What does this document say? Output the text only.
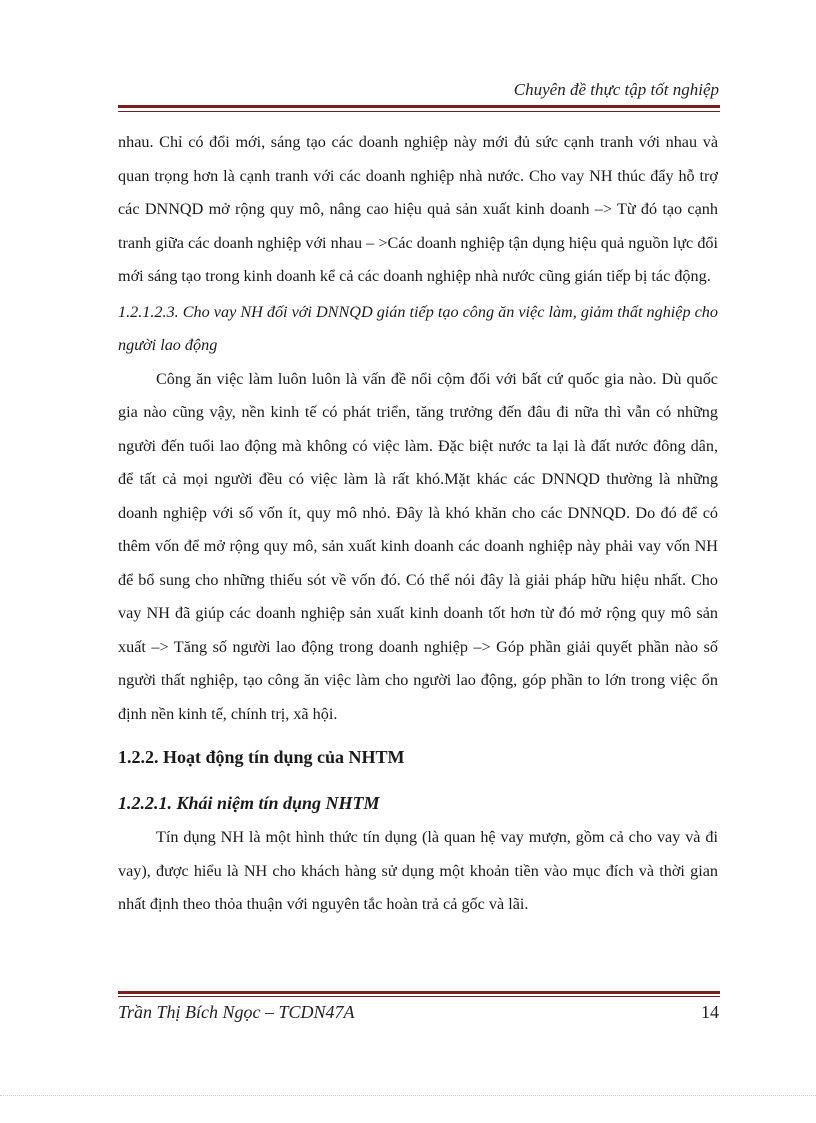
Chuyên đề thực tập tốt nghiệp

nhau. Chỉ có đổi mới, sáng tạo các doanh nghiệp này mới đủ sức cạnh tranh với nhau và quan trọng hơn là cạnh tranh với các doanh nghiệp nhà nước. Cho vay NH thúc đẩy hỗ trợ các DNNQD mở rộng quy mô, nâng cao hiệu quả sản xuất kinh doanh –> Từ đó tạo cạnh tranh giữa các doanh nghiệp với nhau – >Các doanh nghiệp tận dụng hiệu quả nguồn lực đổi mới sáng tạo trong kinh doanh kể cả các doanh nghiệp nhà nước cũng gián tiếp bị tác động.

1.2.1.2.3. Cho vay NH đối với DNNQD gián tiếp tạo công ăn việc làm, giảm thất nghiệp cho người lao động

Công ăn việc làm luôn luôn là vấn đề nổi cộm đối với bất cứ quốc gia nào. Dù quốc gia nào cũng vậy, nền kinh tế có phát triển, tăng trưởng đến đâu đi nữa thì vẫn có những người đến tuổi lao động mà không có việc làm. Đặc biệt nước ta lại là đất nước đông dân, để tất cả mọi người đều có việc làm là rất khó.Mặt khác các DNNQD thường là những doanh nghiệp với số vốn ít, quy mô nhỏ. Đây là khó khăn cho các DNNQD. Do đó để có thêm vốn để mở rộng quy mô, sản xuất kinh doanh các doanh nghiệp này phải vay vốn NH để bổ sung cho những thiếu sót về vốn đó. Có thể nói đây là giải pháp hữu hiệu nhất. Cho vay NH đã giúp các doanh nghiệp sản xuất kinh doanh tốt hơn từ đó mở rộng quy mô sản xuất –> Tăng số người lao động trong doanh nghiệp –> Góp phần giải quyết phần nào số người thất nghiệp, tạo công ăn việc làm cho người lao động, góp phần to lớn trong việc ổn định nền kinh tế, chính trị, xã hội.

1.2.2. Hoạt động tín dụng của NHTM
1.2.2.1. Khái niệm tín dụng NHTM

Tín dụng NH là một hình thức tín dụng (là quan hệ vay mượn, gồm cả cho vay và đi vay), được hiểu là NH cho khách hàng sử dụng một khoản tiền vào mục đích và thời gian nhất định theo thỏa thuận với nguyên tắc hoàn trả cả gốc và lãi.

Trần Thị Bích Ngọc – TCDN47A	14
